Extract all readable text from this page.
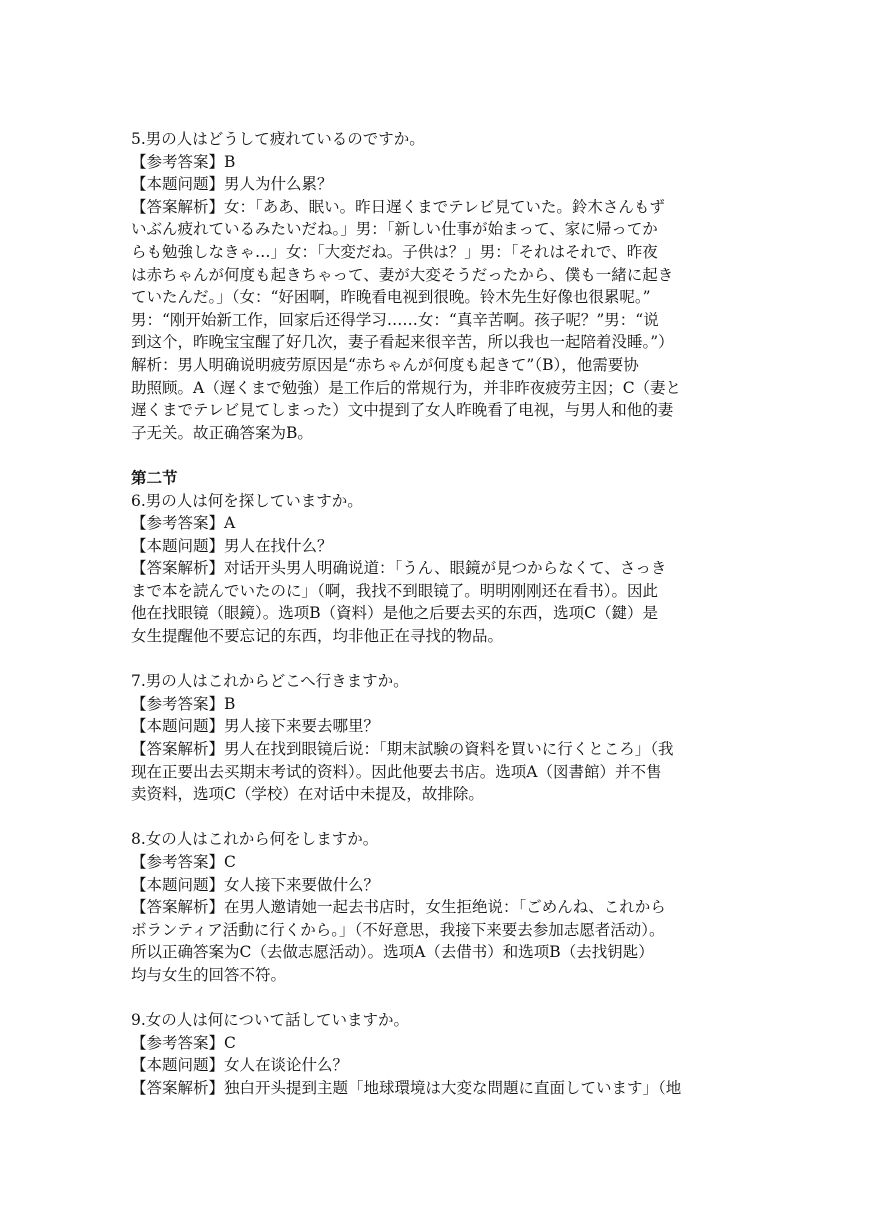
5.男の人はどうして疲れているのですか。
【参考答案】B
【本题问题】男人为什么累？
【答案解析】女：「ああ、眠い。昨日遅くまでテレビ見ていた。鈴木さんもず
いぶん疲れているみたいだね。」男：「新しい仕事が始まって、家に帰ってか
らも勉強しなきゃ…」女：「大変だね。子供は？」男：「それはそれで、昨夜
は赤ちゃんが何度も起きちゃって、妻が大変そうだったから、僕も一緒に起き
ていたんだ。」（女：“好困啊，昨晚看电视到很晚。铃木先生好像也很累呢。”
男：“刚开始新工作，回家后还得学习……女：“真辛苦啊。孩子呢？”男：“说
到这个，昨晚宝宝醒了好几次，妻子看起来很辛苦，所以我也一起陪着没睡。”）
解析：男人明确说明疲劳原因是“赤ちゃんが何度も起きて”（B），他需要协
助照顾。A（遅くまで勉強）是工作后的常规行为，并非昨夜疲劳主因；C（妻と
遅くまでテレビ見てしまった）文中提到了女人昨晚看了电视，与男人和他的妻
子无关。故正确答案为B。
第二节
6.男の人は何を探していますか。
【参考答案】A
【本题问题】男人在找什么？
【答案解析】对话开头男人明确说道：「うん、眼鏡が見つからなくて、さっき
まで本を読んでいたのに」（啊，我找不到眼镜了。明明刚刚还在看书）。因此
他在找眼镜（眼鏡）。选项B（資料）是他之后要去买的东西，选项C（鍵）是
女生提醒他不要忘记的东西，均非他正在寻找的物品。
7.男の人はこれからどこへ行きますか。
【参考答案】B
【本题问题】男人接下来要去哪里？
【答案解析】男人在找到眼镜后说：「期末試験の資料を買いに行くところ」（我
现在正要出去买期末考试的资料）。因此他要去书店。选项A（図書館）并不售
卖资料，选项C（学校）在对话中未提及，故排除。
8.女の人はこれから何をしますか。
【参考答案】C
【本题问题】女人接下来要做什么？
【答案解析】在男人邀请她一起去书店时，女生拒绝说：「ごめんね、これから
ボランティア活動に行くから。」（不好意思，我接下来要去参加志愿者活动）。
所以正确答案为C（去做志愿活动）。选项A（去借书）和选项B（去找钥匙）
均与女生的回答不符。
9.女の人は何について話していますか。
【参考答案】C
【本题问题】女人在谈论什么？
【答案解析】独白开头提到主题「地球環境は大変な問題に直面しています」（地
